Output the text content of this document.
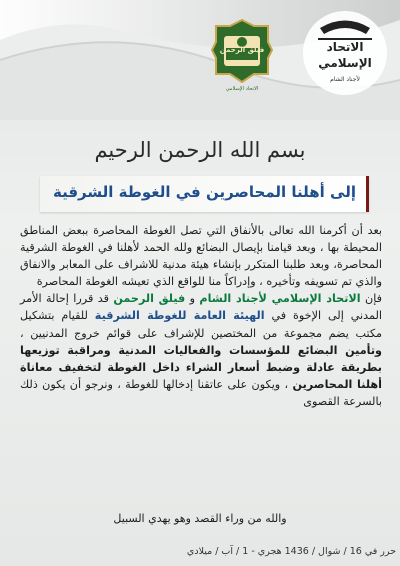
فيلق الرحمن
الاتحاد الإسلامي
الاتحاد
الإسلامي
لأجناد الشام
بسم الله الرحمن الرحيم
إلى أهلنا المحاصرين في الغوطة الشرقية

بعد أن أكرمنا الله تعالى بالأنفاق التي تصل الغوطة المحاصرة ببعض المناطق المحيطة بها ، وبعد قيامنا بإيصال البضائع ولله الحمد لأهلنا في الغوطة الشرقية المحاصرة، وبعد طلبنا المتكرر بإنشاء هيئة مدنية للاشراف على المعابر والانفاق والذي تم تسويفه وتأخيره ، وإدراكاً منا للواقع الذي تعيشه الغوطة المحاصرة

فإن الاتحاد الإسلامي لأجناد الشام و فيلق الرحمن قد قررا إحالة الأمر المدني إلى الإخوة في الهيئة العامة للغوطة الشرقية للقيام بتشكيل مكتب يضم مجموعة من المختصين للإشراف على قوائم خروج المدنيين ، وتأمين البضائع للمؤسسات والفعاليات المدنية ومراقبة توزيعها بطريقة عادلة وضبط أسعار الشراء داخل الغوطة لتخفيف معاناة أهلنا المحاصرين ، ويكون على عاتقنا إدخالها للغوطة ، ونرجو أن يكون ذلك بالسرعة القصوى

والله من وراء القصد وهو يهدي السبيل
حرر في 16 / شوال / 1436 هجري - 1 / آب / ميلادي
